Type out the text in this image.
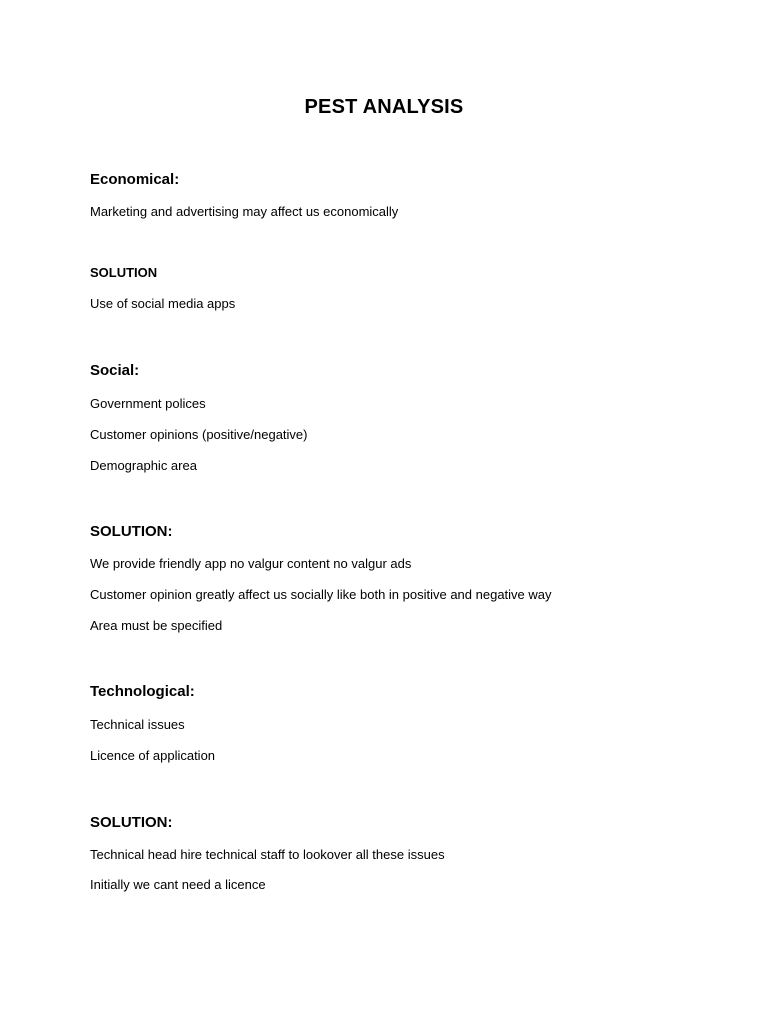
PEST ANALYSIS
Economical:
Marketing and advertising may affect us economically
SOLUTION
Use of social media apps
Social:
Government polices
Customer opinions (positive/negative)
Demographic area
SOLUTION:
We provide friendly app no valgur content no valgur ads
Customer opinion greatly affect us socially like both in positive and negative way
Area must be specified
Technological:
Technical issues
Licence of application
SOLUTION:
Technical head hire technical staff to lookover all these issues
Initially we cant need a licence
